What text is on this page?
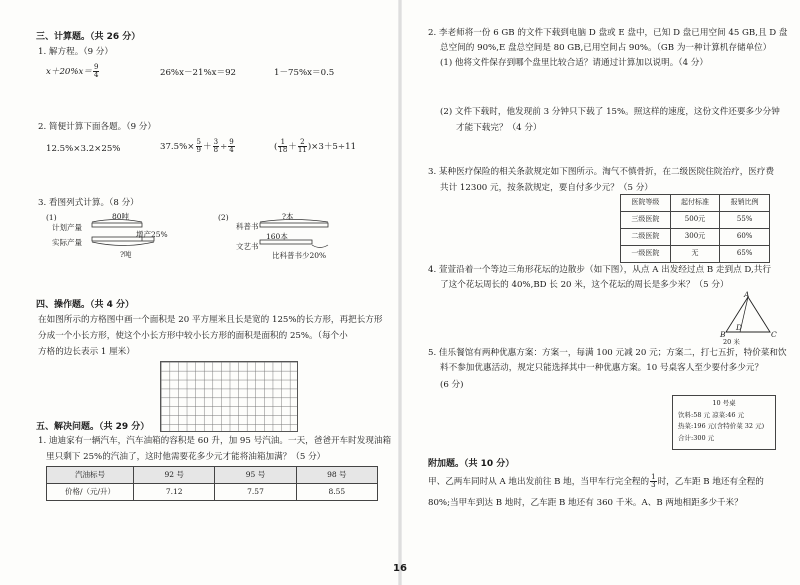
三、计算题。（共 26 分）
1. 解方程。（9 分）
$x+20\%x= \frac{9}{4}$	26%x－21%x＝92	1－75%x＝0.5
2. 简便计算下面各题。（9 分）
12.5%×3.2×25%	$37.5\%\times \frac{5}{9} + \frac{3}{8} \div \frac{9}{4}$	( $\frac{1}{18} + \frac{2}{11} )\times 3+5\div 11$
3. 看图列式计算。（8 分）
(1)	80吨
计划产量
增产25%
实际产量
?吨
(2)	?本
科普书
160本
文艺书
比科普书少20%
四、操作题。（共 4 分）
在如图所示的方格图中画一个面积是 20 平方厘米且长是宽的 125%的长方形，再把长方形
分成一个小长方形，使这个小长方形中较小长方形的面积是面积的 25%。（每个小
方格的边长表示 1 厘米）
五、解决问题。（共 29 分）
1. 迪迪家有一辆汽车，汽车油箱的容积是 60 升，加 95 号汽油。一天，爸爸开车时发现油箱
里只剩下 25%的汽油了，这时他需要花多少元才能将油箱加满？（5 分）
汽油标号	92 号	95 号	98 号
价格/（元/升）	7.12	7.57	8.55
2. 李老师将一份 6 GB 的文件下载到电脑 D 盘或 E 盘中，已知 D 盘已用空间 45 GB,且 D 盘
总空间的 90%,E 盘总空间是 80 GB,已用空间占 90%。（GB 为一种计算机存储单位）
(1) 他将文件保存到哪个盘里比较合适？请通过计算加以说明。（4 分）
(2) 文件下载时，他发现前 3 分钟只下载了 15%。照这样的速度，这份文件还要多少分钟
才能下载完？（4 分）
3. 某种医疗保险的相关条款规定如下图所示。淘气不慎骨折，在二级医院住院治疗，医疗费
共计 12300 元，按条款规定，要自付多少元？（5 分）
医院等级	起付标准	报销比例
三级医院	500元	55%
二级医院	300元	60%
一级医院	无	65%
4. 萱萱沿着一个等边三角形花坛的边散步（如下图），从点 A 出发经过点 B 走到点 D,共行
了这个花坛周长的 40%,BD 长 20 米，这个花坛的周长是多少米？（5 分）
A
B
D
C
20 米
5. 佳乐餐馆有两种优惠方案：方案一，每满 100 元减 20 元；方案二，打七五折，特价菜和饮
料不参加优惠活动，规定只能选择其中一种优惠方案。10 号桌客人至少要付多少元？
(6 分)
10 号桌
饮料:58 元 凉菜:46 元
热菜:196 元(含特价菜 32 元)
合计:300 元
附加题。（共 10 分）
甲、乙两车同时从 A 地出发前往 B 地，当甲车行完全程的 $\frac{1}{3}$ 时，乙车距 B 地还有全程的
80%;当甲车到达 B 地时，乙车距 B 地还有 360 千米。A、B 两地相距多少千米？
16
